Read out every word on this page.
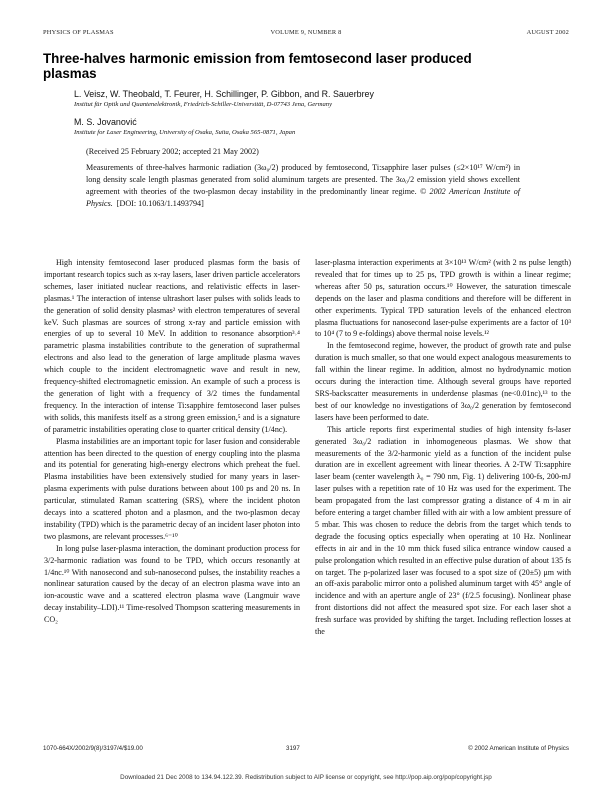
PHYSICS OF PLASMAS	VOLUME 9, NUMBER 8	AUGUST 2002
Three-halves harmonic emission from femtosecond laser produced plasmas
L. Veisz, W. Theobald, T. Feurer, H. Schillinger, P. Gibbon, and R. Sauerbrey
Institut für Optik und Quantenelektronik, Friedrich-Schiller-Universität, D-07743 Jena, Germany
M. S. Jovanović
Institute for Laser Engineering, University of Osaka, Suita, Osaka 565-0871, Japan
(Received 25 February 2002; accepted 21 May 2002)
Measurements of three-halves harmonic radiation (3ω₀/2) produced by femtosecond, Ti:sapphire laser pulses (≤2×10¹⁷ W/cm²) in long density scale length plasmas generated from solid aluminum targets are presented. The 3ω₀/2 emission yield shows excellent agreement with theories of the two-plasmon decay instability in the predominantly linear regime. © 2002 American Institute of Physics. [DOI: 10.1063/1.1493794]

High intensity femtosecond laser produced plasmas form the basis of important research topics such as x-ray lasers, laser driven particle accelerators schemes, laser initiated nuclear reactions, and relativistic effects in laser-plasmas.¹ The interaction of intense ultrashort laser pulses with solids leads to the generation of solid density plasmas² with electron temperatures of several keV. Such plasmas are sources of strong x-ray and particle emission with energies of up to several 10 MeV. In addition to resonance absorption³˒⁴ parametric plasma instabilities contribute to the generation of suprathermal electrons and also lead to the generation of large amplitude plasma waves which couple to the incident electromagnetic wave and result in new, frequency-shifted electromagnetic emission. An example of such a process is the generation of light with a frequency of 3/2 times the fundamental frequency. In the interaction of intense Ti:sapphire femtosecond laser pulses with solids, this manifests itself as a strong green emission,⁵ and is a signature of parametric instabilities operating close to quarter critical density (1/4nc).

Plasma instabilities are an important topic for laser fusion and considerable attention has been directed to the question of energy coupling into the plasma and its potential for generating high-energy electrons which preheat the fuel. Plasma instabilities have been extensively studied for many years in laser-plasma experiments with pulse durations between about 100 ps and 20 ns. In particular, stimulated Raman scattering (SRS), where the incident photon decays into a scattered photon and a plasmon, and the two-plasmon decay instability (TPD) which is the parametric decay of an incident laser photon into two plasmons, are relevant processes.⁶⁻¹⁰

In long pulse laser-plasma interaction, the dominant production process for 3/2-harmonic radiation was found to be TPD, which occurs resonantly at 1/4nc.¹⁰ With nanosecond and sub-nanosecond pulses, the instability reaches a nonlinear saturation caused by the decay of an electron plasma wave into an ion-acoustic wave and a scattered electron plasma wave (Langmuir wave decay instability–LDI).¹¹ Time-resolved Thompson scattering measurements in CO₂

laser-plasma interaction experiments at 3×10¹³ W/cm² (with 2 ns pulse length) revealed that for times up to 25 ps, TPD growth is within a linear regime; whereas after 50 ps, saturation occurs.¹⁰ However, the saturation timescale depends on the laser and plasma conditions and therefore will be different in other experiments. Typical TPD saturation levels of the enhanced electron plasma fluctuations for nanosecond laser-pulse experiments are a factor of 10³ to 10⁴ (7 to 9 e-foldings) above thermal noise levels.¹²

In the femtosecond regime, however, the product of growth rate and pulse duration is much smaller, so that one would expect analogous measurements to fall within the linear regime. In addition, almost no hydrodynamic motion occurs during the interaction time. Although several groups have reported SRS-backscatter measurements in underdense plasmas (ne<0.01nc),¹³ to the best of our knowledge no investigations of 3ω₀/2 generation by femtosecond lasers have been performed to date.

This article reports first experimental studies of high intensity fs-laser generated 3ω₀/2 radiation in inhomogeneous plasmas. We show that measurements of the 3/2-harmonic yield as a function of the incident pulse duration are in excellent agreement with linear theories. A 2-TW Ti:sapphire laser beam (center wavelength λ₀ = 790 nm, Fig. 1) delivering 100-fs, 200-mJ laser pulses with a repetition rate of 10 Hz was used for the experiment. The beam propagated from the last compressor grating a distance of 4 m in air before entering a target chamber filled with air with a low ambient pressure of 5 mbar. This was chosen to reduce the debris from the target which tends to degrade the focusing optics especially when operating at 10 Hz. Nonlinear effects in air and in the 10 mm thick fused silica entrance window caused a pulse prolongation which resulted in an effective pulse duration of about 135 fs on target. The p-polarized laser was focused to a spot size of (20±5) μm with an off-axis parabolic mirror onto a polished aluminum target with 45° angle of incidence and with an aperture angle of 23° (f/2.5 focusing). Nonlinear phase front distortions did not affect the measured spot size. For each laser shot a fresh surface was provided by shifting the target. Including reflection losses at the

1070-664X/2002/9(8)/3197/4/$19.00	3197	© 2002 American Institute of Physics
Downloaded 21 Dec 2008 to 134.94.122.39. Redistribution subject to AIP license or copyright, see http://pop.aip.org/pop/copyright.jsp
